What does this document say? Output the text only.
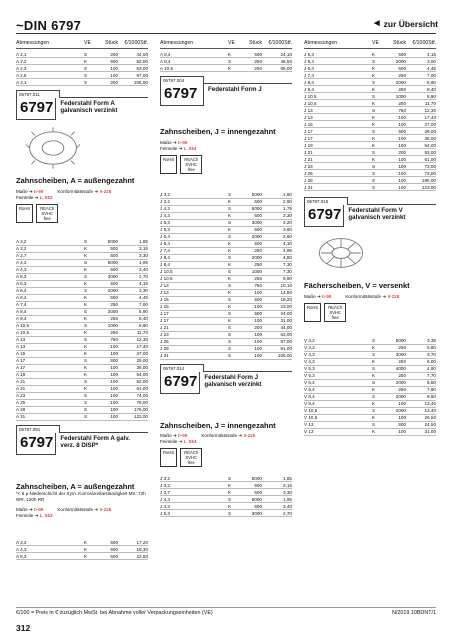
~DIN 6797	◄ zur Übersicht
Abmessungen	VE	Stück	€/1000Stf.
A 2,1	S	200	44,00
A 2,2	K	500	52,00
A 2,3	S	100	63,00
A 2,5	S	100	97,00
A 3,1	S	200	105,00
06797.011
6797	Federstahl Form A galvanisch verzinkt
Zahnscheiben, A = außengezahnt
Maße ➔ II-99	Konformitätsstufe ➔ II-228
Feinteile ➔ L, 553
RoHS	REACh SVHC free
A 3,2	S	5000	1,85
A 3,2	K	500	3,15
A 3,7	K	500	3,30
A 4,3	S	5000	1,95
A 4,3	K	500	3,40
A 5,3	S	3000	2,70
A 5,3	K	500	4,15
A 6,4	S	2000	3,30
A 6,4	K	500	4,45
A 7,4	K	250	7,00
A 8,4	S	2000	5,90
A 8,4	K	250	8,40
A 10,5	S	1000	8,90
A 10,5	K	250	11,70
A 13	S	750	12,30
A 13	K	100	17,40
A 15	K	100	27,00
A 17	S	500	29,00
A 17	K	100	36,00
A 19	K	100	54,00
A 21	S	100	52,00
A 21	K	100	61,00
A 23	S	100	74,00
A 25	S	100	78,00
A 28	S	100	176,00
A 31	S	100	123,00
06797.081
6797	Federstahl Form A galv. verz. 8 DISP*
Zahnscheiben, A = außengezahnt
*< 6 µ Niederschicht der Sym. Korrosionsbeständigkeit MS: 72h WR, 120h RR
Maße ➔ II-99	Konformitätsstufe ➔ II-228
Feinteile ➔ L, 553
A 3,2	K	500	17,20
A 4,3	K	500	18,30
A 5,3	K	500	22,50
Abmessungen	VE	Stück	€/1000Stf.
A 8,4	K	500	24,10
A 8,4	S	250	46,50
A 10,5	K	250	65,00
06797.004
6797	Federstahl Form J
Zahnscheiben, J = innengezahnt
Maße ➔ II-99
Feinteile ➔ L, 554
RoHS	REACh SVHC free
J 3,2	S	5000	1,60
J 3,2	K	500	2,90
J 4,3	S	5000	1,75
J 4,3	K	500	3,30
J 5,3	S	3000	2,20
J 5,3	K	500	3,60
J 6,4	S	2000	2,60
J 6,4	K	500	4,10
J 7,4	K	250	4,95
J 8,4	S	2000	4,80
J 8,4	K	250	7,30
J 10,5	S	1000	7,30
J 10,5	K	250	9,90
J 13	S	750	10,10
J 13	K	100	14,80
J 15	S	500	18,20
J 15	K	100	23,00
J 17	S	500	24,00
J 17	K	100	31,00
J 21	S	200	44,00
J 23	S	100	63,00
J 25	S	100	67,00
J 28	S	100	91,00
J 31	S	100	105,00
06797.014
6797	Federstahl Form J galvanisch verzinkt
Zahnscheiben, J = innengezahnt
Maße ➔ II-99	Konformitätsstufe ➔ II-228
Feinteile ➔ L, 554
RoHS	REACh SVHC free
J 3,2	S	5000	1,85
J 3,2	K	500	3,15
J 3,7	K	500	3,30
J 4,3	S	5000	1,95
J 4,3	K	500	3,40
J 5,3	S	3000	2,70
Abmessungen	VE	Stück	€/1000Stf.
J 5,3	K	500	4,15
J 6,4	S	2000	3,00
J 6,4	K	500	4,45
J 7,4	K	250	7,00
J 8,4	S	2000	5,90
J 8,4	K	250	8,40
J 10,5	S	1000	8,90
J 10,5	K	250	11,70
J 13	S	750	12,30
J 13	K	100	17,40
J 15	K	100	27,00
J 17	S	500	29,00
J 17	K	100	36,00
J 19	K	100	54,00
J 21	S	200	53,00
J 21	K	100	61,00
J 23	S	100	73,00
J 25	S	100	72,00
J 28	S	100	186,00
J 31	S	100	123,00
06797.015
6797	Federstahl Form V galvanisch verzinkt
Fächerscheiben, V = versenkt
Maße ➔ II-99	Konformitätsstufe ➔ II-228
RoHS	REACh SVHC free
V 3,2	S	5000	3,35
V 3,2	K	250	5,80
V 4,3	S	3000	3,70
V 4,3	K	250	6,00
V 5,3	S	4000	4,80
V 5,3	K	250	7,70
V 6,4	S	2000	5,50
V 6,4	K	250	7,90
V 8,4	S	2000	8,50
V 8,4	K	100	13,40
V 10,5	S	2000	13,40
V 10,5	K	100	26,50
V 13	S	500	24,50
V 13	K	100	31,00
€/100 = Preis in € zuzüglich MwSt. bei Abnahme voller Verpackungseinheiten (VE)	N/2019.10BDNT/1
312
